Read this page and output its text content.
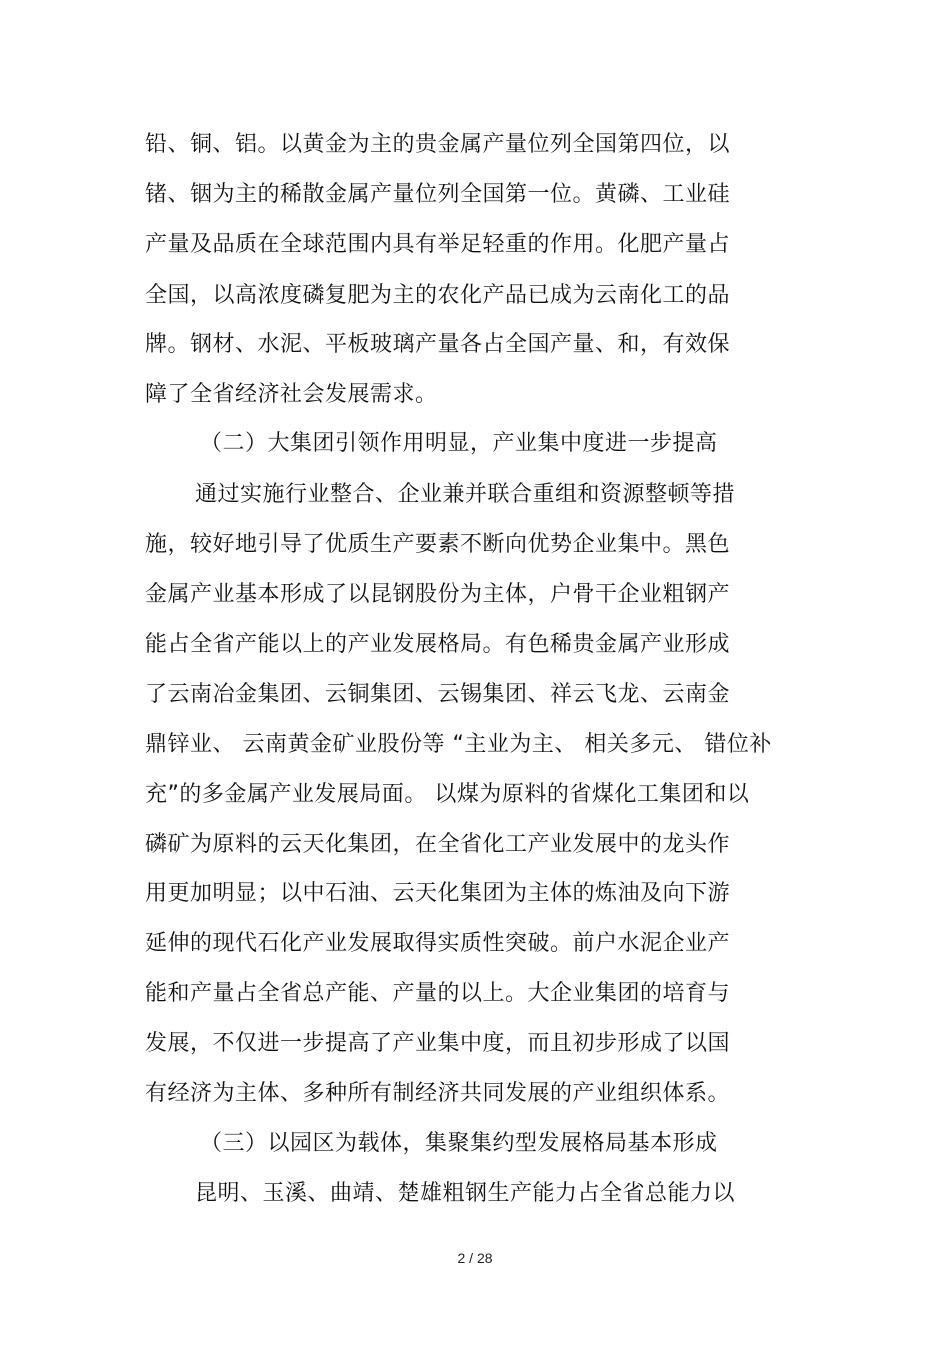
铅、铜、铝。以黄金为主的贵金属产量位列全国第四位，以
锗、铟为主的稀散金属产量位列全国第一位。黄磷、工业硅
产量及品质在全球范围内具有举足轻重的作用。化肥产量占
全国，以高浓度磷复肥为主的农化产品已成为云南化工的品
牌。钢材、水泥、平板玻璃产量各占全国产量、和，有效保
障了全省经济社会发展需求。
（二）大集团引领作用明显，产业集中度进一步提高
通过实施行业整合、企业兼并联合重组和资源整顿等措
施，较好地引导了优质生产要素不断向优势企业集中。黑色
金属产业基本形成了以昆钢股份为主体，户骨干企业粗钢产
能占全省产能以上的产业发展格局。有色稀贵金属产业形成
了云南冶金集团、云铜集团、云锡集团、祥云飞龙、云南金
鼎锌业、 云南黄金矿业股份等 “主业为主、 相关多元、 错位补
充”的多金属产业发展局面。 以煤为原料的省煤化工集团和以
磷矿为原料的云天化集团，在全省化工产业发展中的龙头作
用更加明显；以中石油、云天化集团为主体的炼油及向下游
延伸的现代石化产业发展取得实质性突破。前户水泥企业产
能和产量占全省总产能、产量的以上。大企业集团的培育与
发展，不仅进一步提高了产业集中度，而且初步形成了以国
有经济为主体、多种所有制经济共同发展的产业组织体系。
（三）以园区为载体，集聚集约型发展格局基本形成
昆明、玉溪、曲靖、楚雄粗钢生产能力占全省总能力以
2 / 28
